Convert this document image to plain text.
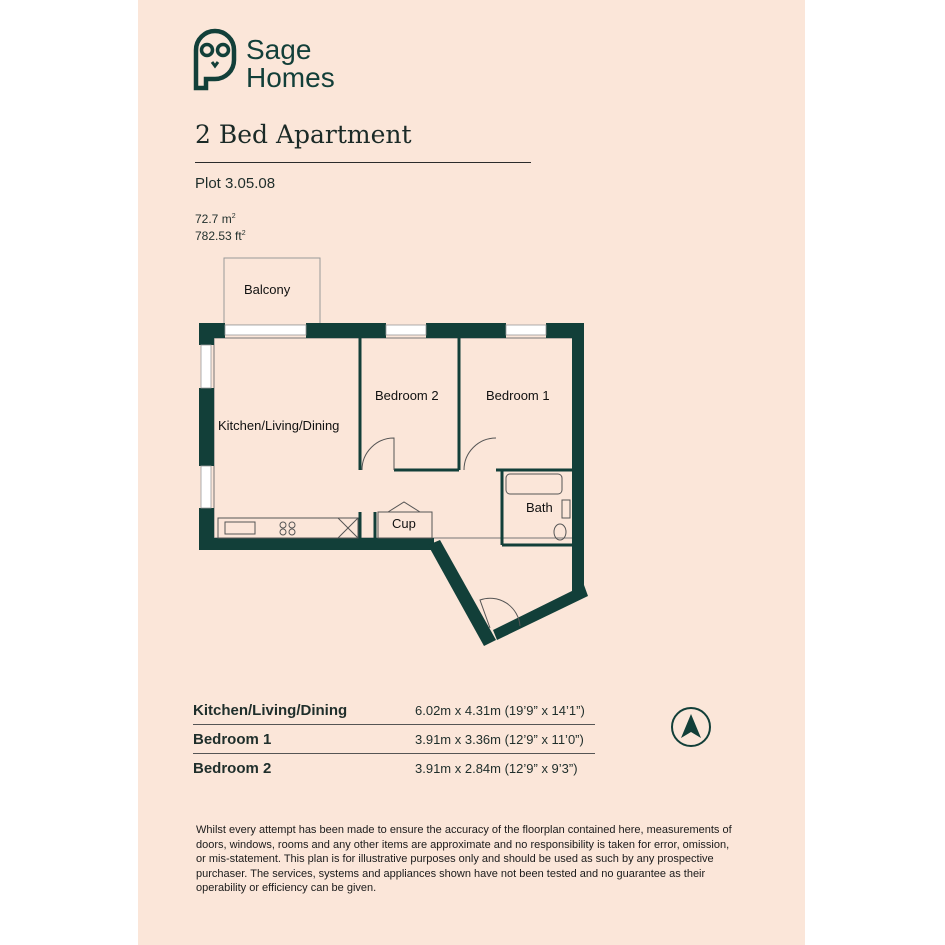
Sage
Homes
2 Bed Apartment
Plot 3.05.08
72.7 $m^2$
782.53 $ft^2$
Balcony
Kitchen/Living/Dining
Bedroom 2	Bedroom 1
Bath
Cup
Kitchen/Living/Dining	6.02m x 4.31m (19’9” x 14’1”)
Bedroom 1	3.91m x 3.36m (12’9” x 11’0”)
Bedroom 2	3.91m x 2.84m (12’9” x 9’3”)
Whilst every attempt has been made to ensure the accuracy of the floorplan contained here, measurements of doors, windows, rooms and any other items are approximate and no responsibility is taken for error, omission, or mis-statement. This plan is for illustrative purposes only and should be used as such by any prospective purchaser. The services, systems and appliances shown have not been tested and no guarantee as their operability or efficiency can be given.
